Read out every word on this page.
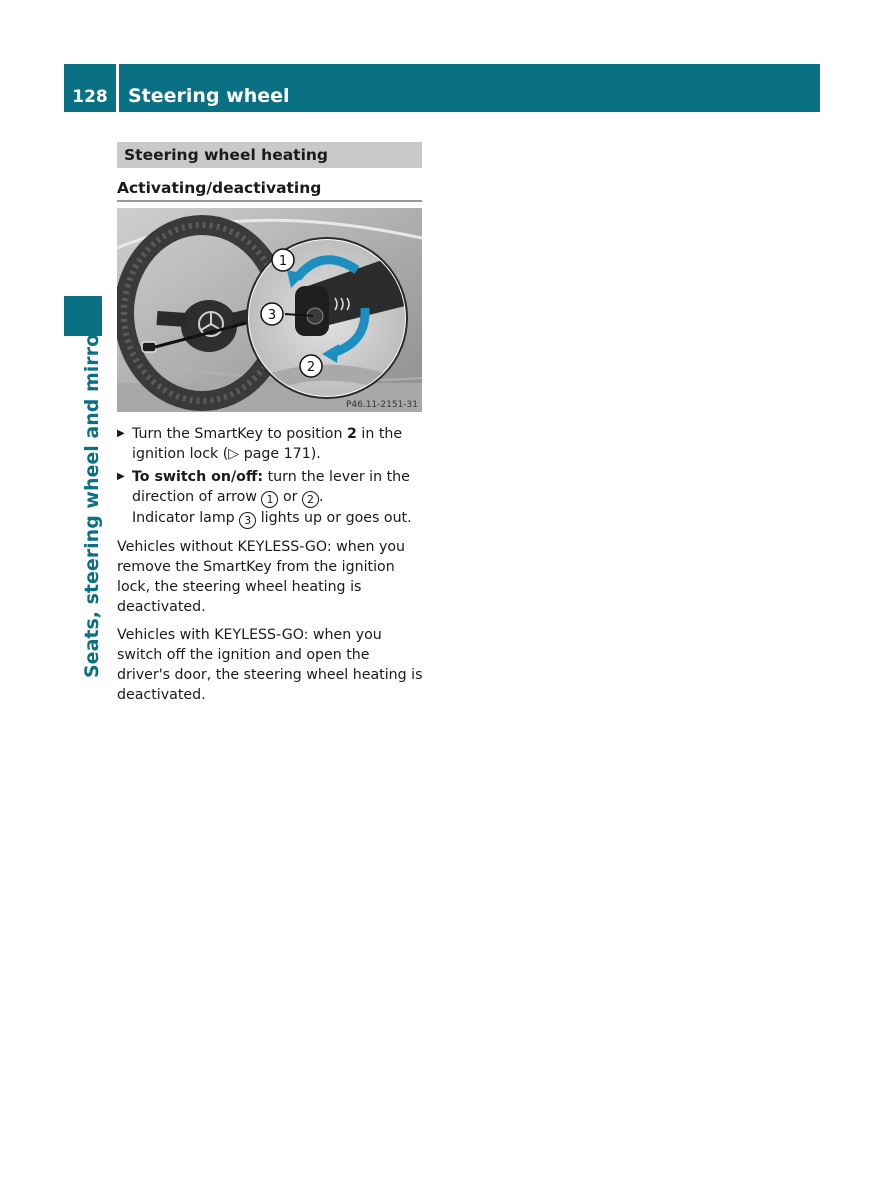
128	Steering wheel
Seats, steering wheel and mirrors
Steering wheel heating
Activating/deactivating
1
3
2
P46.11-2151-31
▶ Turn the SmartKey to position 2 in the ignition lock (▷ page 171).

▶ To switch on/off: turn the lever in the direction of arrow 1 or 2 .

Indicator lamp 3 lights up or goes out.

Vehicles without KEYLESS-GO: when you remove the SmartKey from the ignition lock, the steering wheel heating is deactivated.

Vehicles with KEYLESS-GO: when you switch off the ignition and open the driver's door, the steering wheel heating is deactivated.
